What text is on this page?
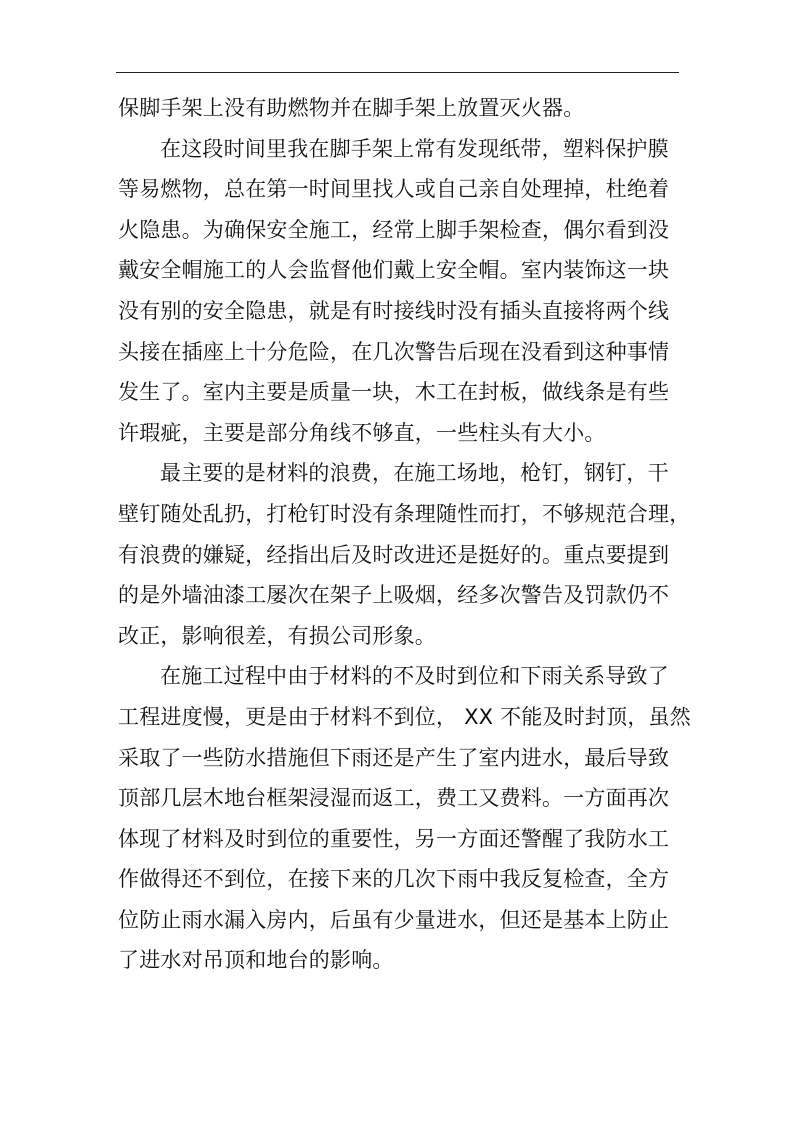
保脚手架上没有助燃物并在脚手架上放置灭火器。
在这段时间里我在脚手架上常有发现纸带，塑料保护膜
等易燃物，总在第一时间里找人或自己亲自处理掉，杜绝着
火隐患。为确保安全施工，经常上脚手架检查，偶尔看到没
戴安全帽施工的人会监督他们戴上安全帽。室内装饰这一块
没有别的安全隐患，就是有时接线时没有插头直接将两个线
头接在插座上十分危险，在几次警告后现在没看到这种事情
发生了。室内主要是质量一块，木工在封板，做线条是有些
许瑕疵，主要是部分角线不够直，一些柱头有大小。
最主要的是材料的浪费，在施工场地，枪钉，钢钉，干
壁钉随处乱扔，打枪钉时没有条理随性而打，不够规范合理，
有浪费的嫌疑，经指出后及时改进还是挺好的。重点要提到
的是外墙油漆工屡次在架子上吸烟，经多次警告及罚款仍不
改正，影响很差，有损公司形象。
在施工过程中由于材料的不及时到位和下雨关系导致了
工程进度慢，更是由于材料不到位， XX 不能及时封顶，虽然
采取了一些防水措施但下雨还是产生了室内进水，最后导致
顶部几层木地台框架浸湿而返工，费工又费料。一方面再次
体现了材料及时到位的重要性，另一方面还警醒了我防水工
作做得还不到位，在接下来的几次下雨中我反复检查，全方
位防止雨水漏入房内，后虽有少量进水，但还是基本上防止
了进水对吊顶和地台的影响。
